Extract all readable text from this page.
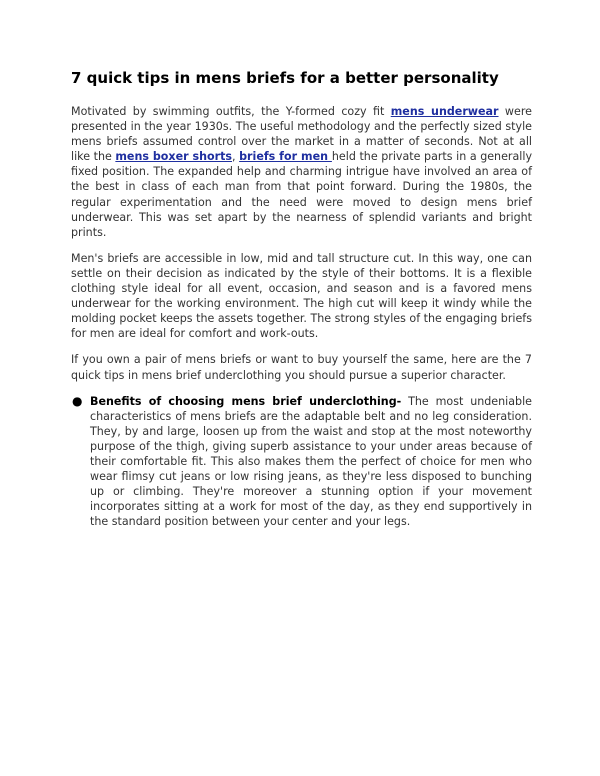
7 quick tips in mens briefs for a better personality

Motivated by swimming outfits, the Y-formed cozy fit mens underwear were presented in the year 1930s. The useful methodology and the perfectly sized style mens briefs assumed control over the market in a matter of seconds. Not at all like the mens boxer shorts, briefs for men held the private parts in a generally fixed position. The expanded help and charming intrigue have involved an area of the best in class of each man from that point forward. During the 1980s, the regular experimentation and the need were moved to design mens brief underwear. This was set apart by the nearness of splendid variants and bright prints.

Men's briefs are accessible in low, mid and tall structure cut. In this way, one can settle on their decision as indicated by the style of their bottoms. It is a flexible clothing style ideal for all event, occasion, and season and is a favored mens underwear for the working environment. The high cut will keep it windy while the molding pocket keeps the assets together. The strong styles of the engaging briefs for men are ideal for comfort and work-outs.

If you own a pair of mens briefs or want to buy yourself the same, here are the 7 quick tips in mens brief underclothing you should pursue a superior character.

● Benefits of choosing mens brief underclothing- The most undeniable characteristics of mens briefs are the adaptable belt and no leg consideration. They, by and large, loosen up from the waist and stop at the most noteworthy purpose of the thigh, giving superb assistance to your under areas because of their comfortable fit. This also makes them the perfect of choice for men who wear flimsy cut jeans or low rising jeans, as they're less disposed to bunching up or climbing. They're moreover a stunning option if your movement incorporates sitting at a work for most of the day, as they end supportively in the standard position between your center and your legs.
